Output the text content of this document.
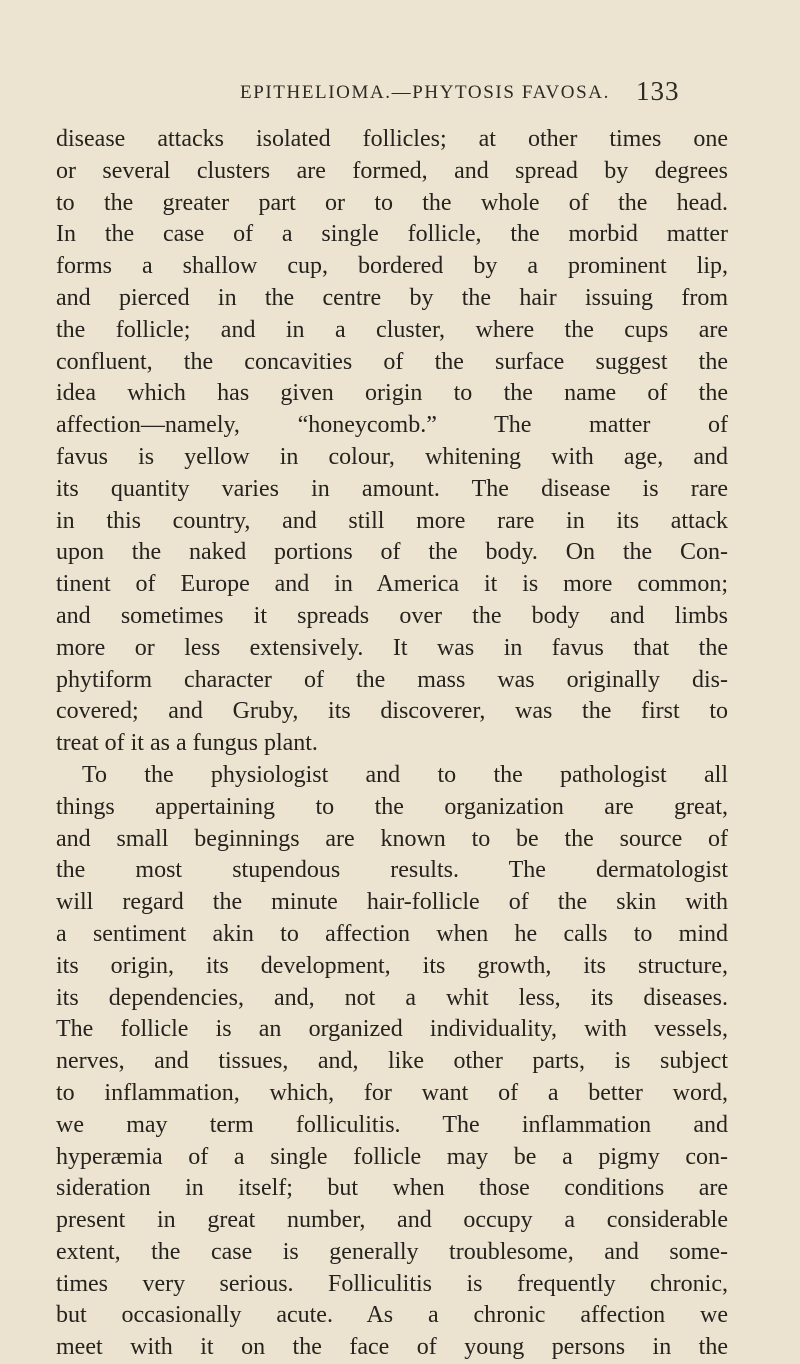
EPITHELIOMA.—PHYTOSIS FAVOSA. 133
disease attacks isolated follicles; at other times one
or several clusters are formed, and spread by degrees
to the greater part or to the whole of the head.
In the case of a single follicle, the morbid matter
forms a shallow cup, bordered by a prominent lip,
and pierced in the centre by the hair issuing from
the follicle; and in a cluster, where the cups are
confluent, the concavities of the surface suggest the
idea which has given origin to the name of the
affection—namely, “honeycomb.” The matter of
favus is yellow in colour, whitening with age, and
its quantity varies in amount. The disease is rare
in this country, and still more rare in its attack
upon the naked portions of the body. On the Con-
tinent of Europe and in America it is more common;
and sometimes it spreads over the body and limbs
more or less extensively. It was in favus that the
phytiform character of the mass was originally dis-
covered; and Gruby, its discoverer, was the first to
treat of it as a fungus plant.
To the physiologist and to the pathologist all
things appertaining to the organization are great,
and small beginnings are known to be the source of
the most stupendous results. The dermatologist
will regard the minute hair-follicle of the skin with
a sentiment akin to affection when he calls to mind
its origin, its development, its growth, its structure,
its dependencies, and, not a whit less, its diseases.
The follicle is an organized individuality, with vessels,
nerves, and tissues, and, like other parts, is subject
to inflammation, which, for want of a better word,
we may term folliculitis. The inflammation and
hyperæmia of a single follicle may be a pigmy con-
sideration in itself; but when those conditions are
present in great number, and occupy a considerable
extent, the case is generally troublesome, and some-
times very serious. Folliculitis is frequently chronic,
but occasionally acute. As a chronic affection we
meet with it on the face of young persons in the
